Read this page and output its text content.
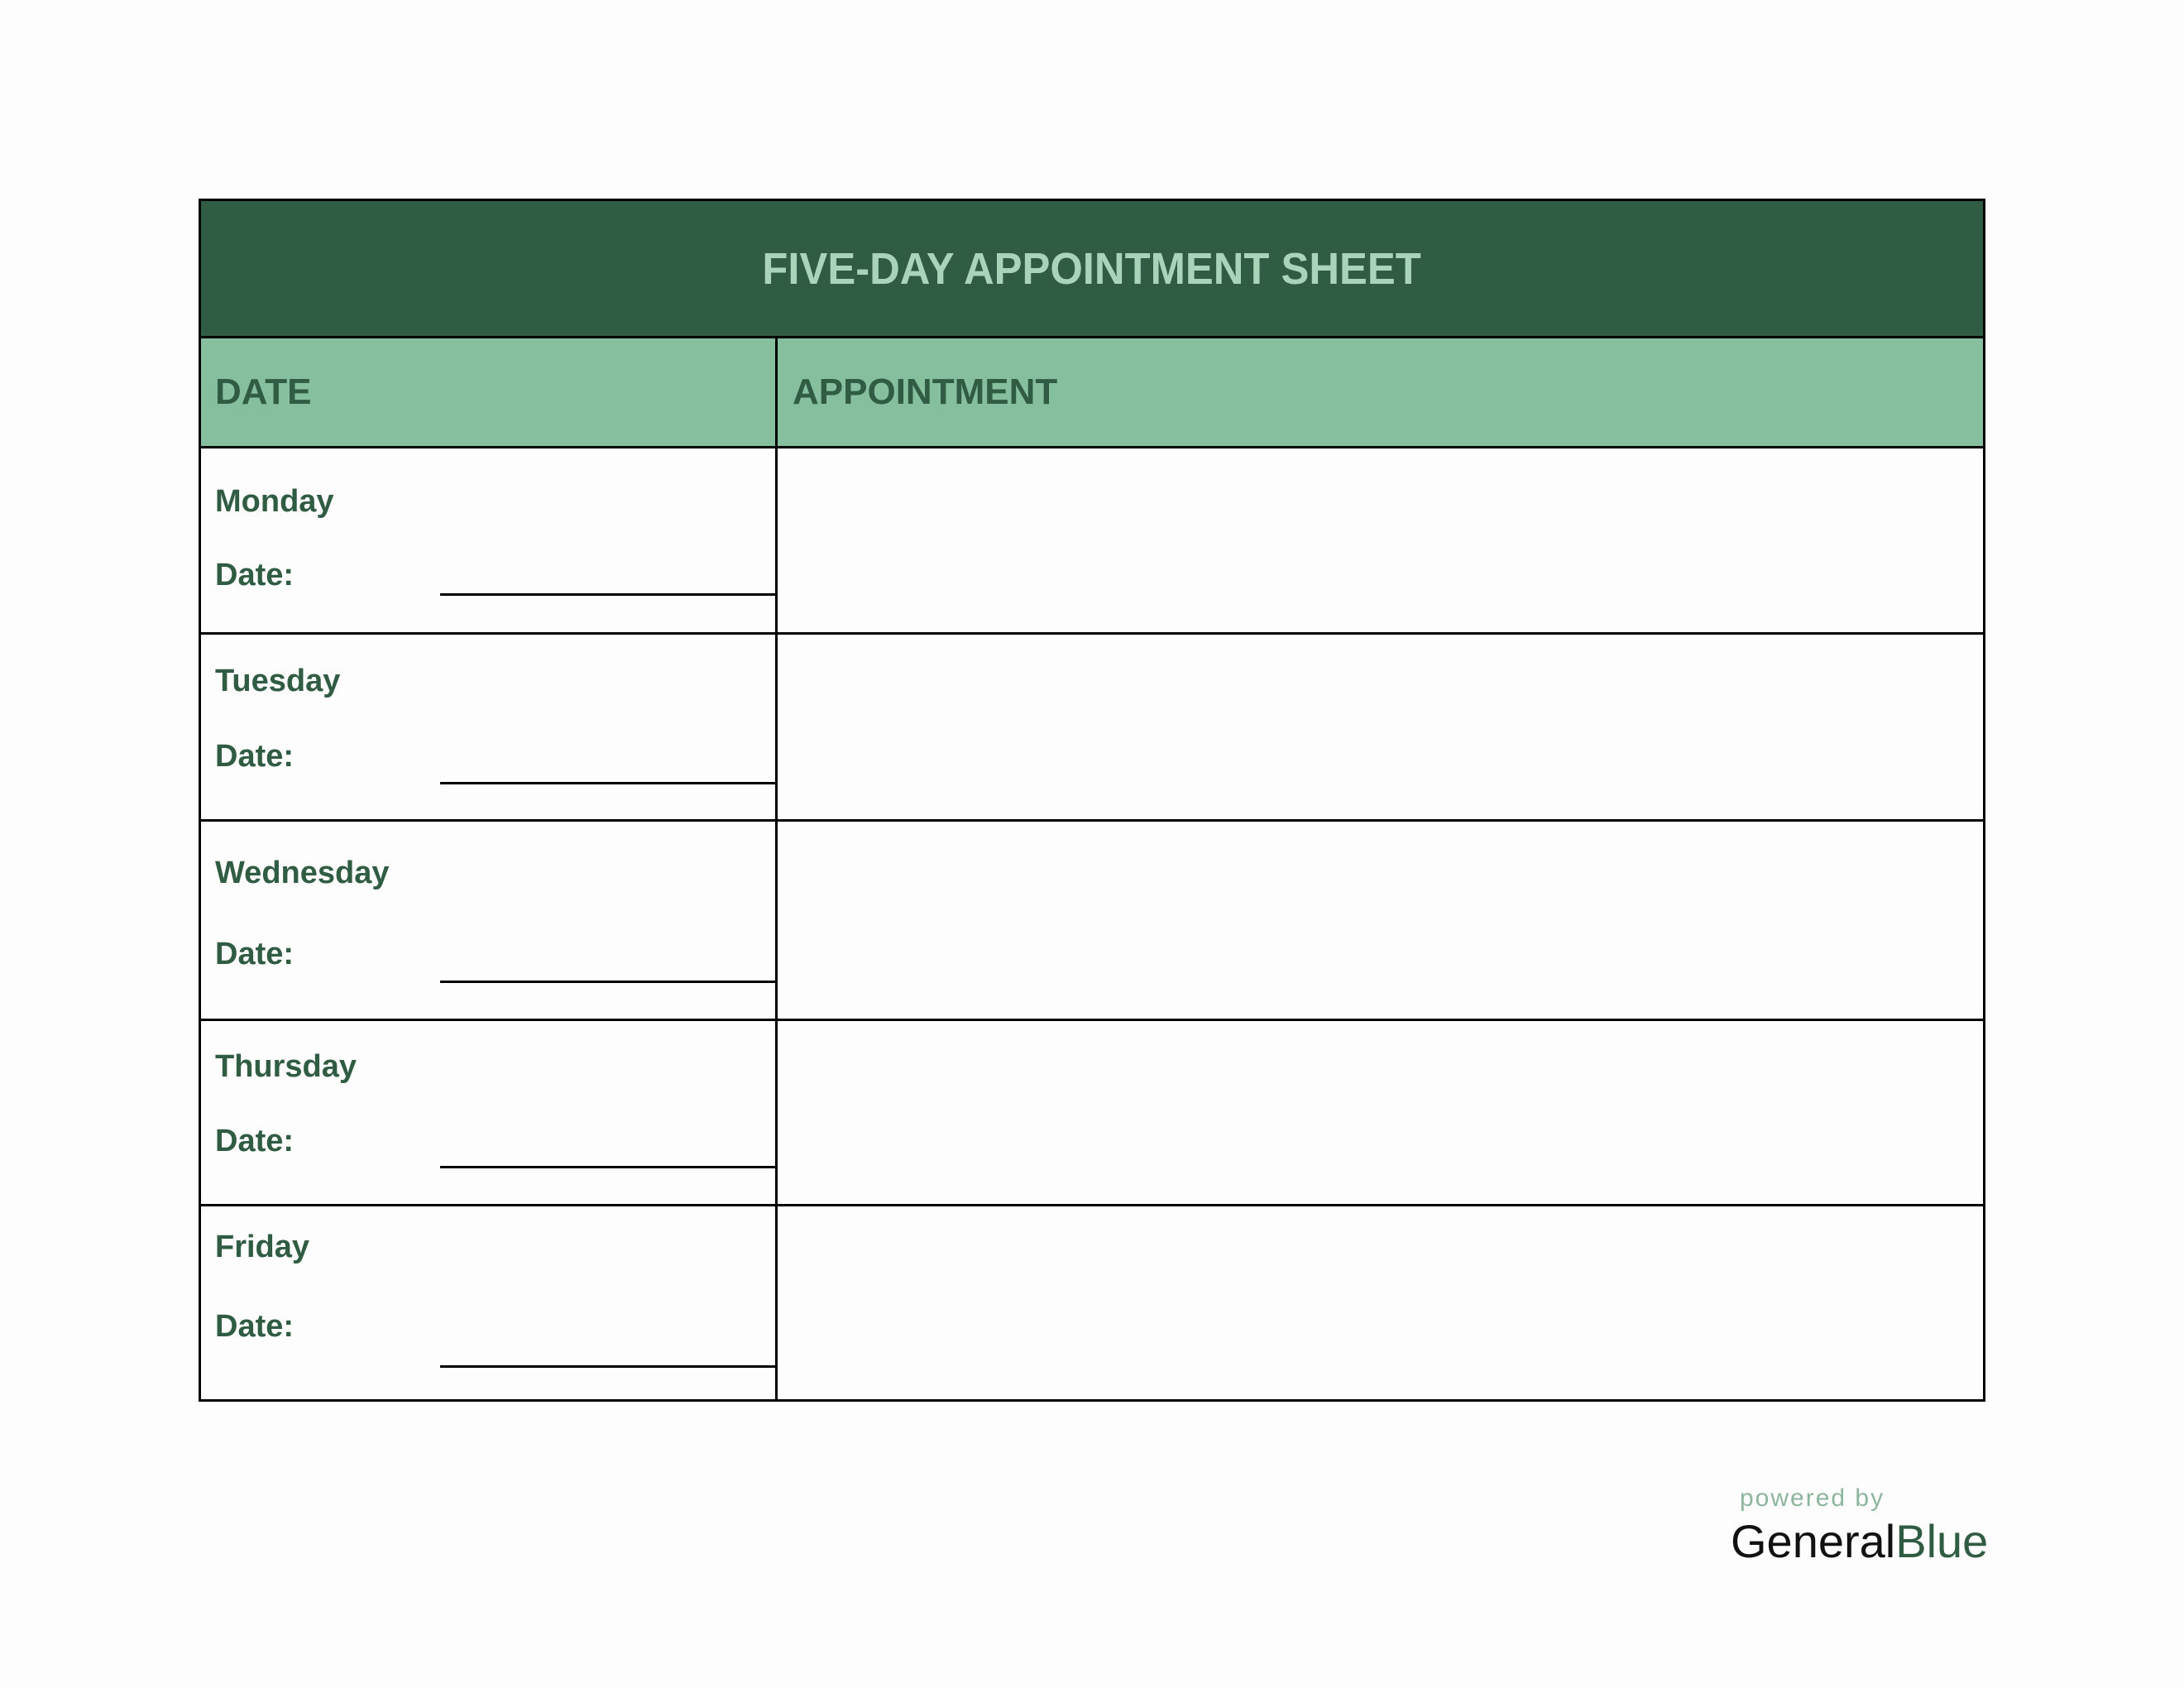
FIVE-DAY APPOINTMENT SHEET
DATE	APPOINTMENT
Monday
Date:
Tuesday
Date:
Wednesday
Date:
Thursday
Date:
Friday
Date:
powered by
GeneralBlue
